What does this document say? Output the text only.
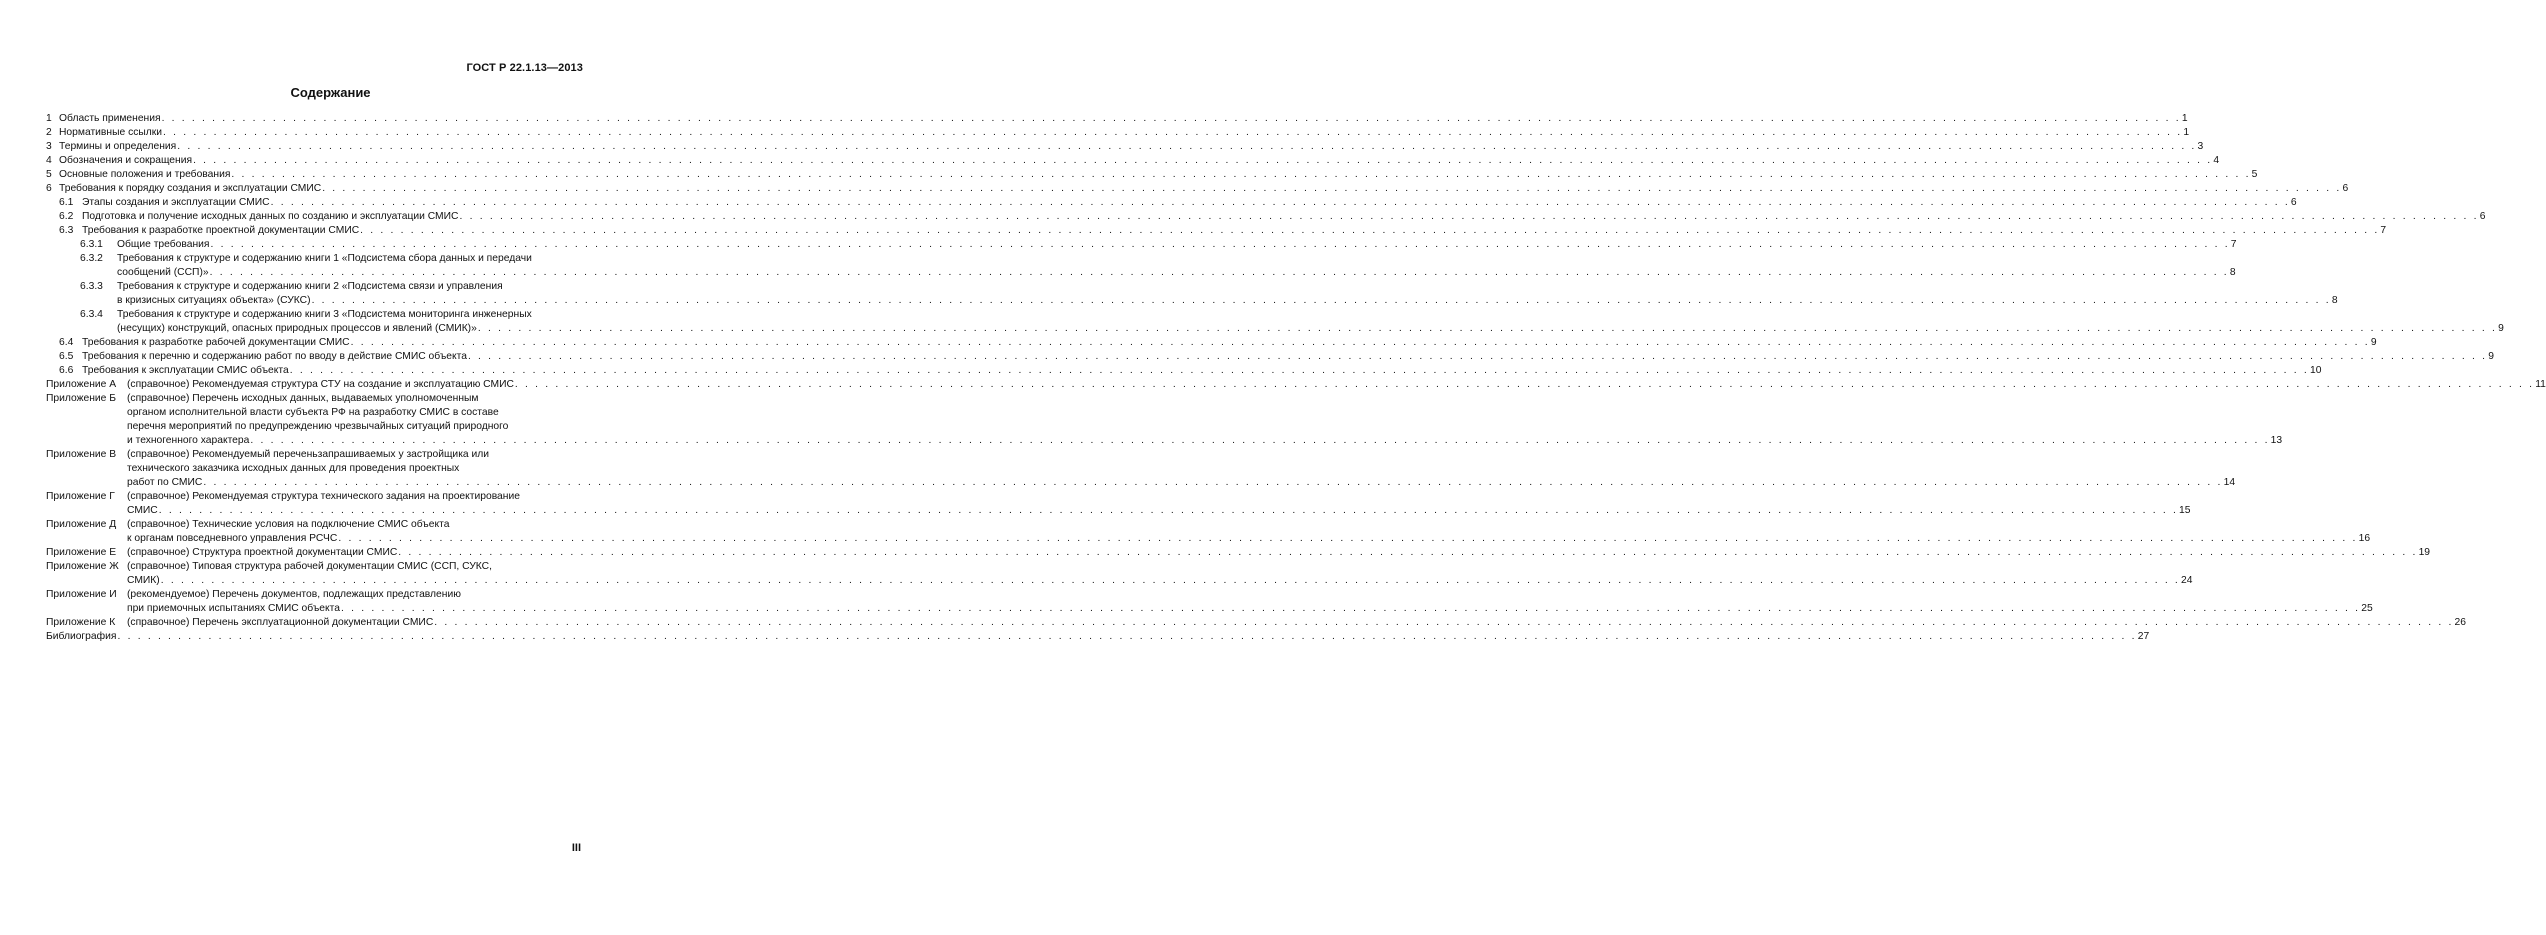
ГОСТ Р 22.1.13—2013
Содержание
1 Область применения . . . . . . . . . . . . . . . . . . . . . . . . . . . . . . . . . . . . . . . . . . . . . . . . . . . . . . . . . . . . . . . . . . . . . . . . . . . . . . . . . . . . . . . . . . . . . . . . . . . . . . . . . . . . . . . . . . . . . . . . . . . . . . . . . . . . . . . . . . . . . . . . . . . . . . . . . . . . . . . . . . . . . . . . . . . . . . . . . . . . . . . . . . . . . . . . . . . . . . . . 1
2 Нормативные ссылки . . . . . . . . . . . . . . . . . . . . . . . . . . . . . . . . . . . . . . . . . . . . . . . . . . . . . . . . . . . . . . . . . . . . . . . . . . . . . . . . . . . . . . . . . . . . . . . . . . . . . . . . . . . . . . . . . . . . . . . . . . . . . . . . . . . . . . . . . . . . . . . . . . . . . . . . . . . . . . . . . . . . . . . . . . . . . . . . . . . . . . . . . . . . . . . . . . . . . . . . 1
3 Термины и определения . . . . . . . . . . . . . . . . . . . . . . . . . . . . . . . . . . . . . . . . . . . . . . . . . . . . . . . . . . . . . . . . . . . . . . . . . . . . . . . . . . . . . . . . . . . . . . . . . . . . . . . . . . . . . . . . . . . . . . . . . . . . . . . . . . . . . . . . . . . . . . . . . . . . . . . . . . . . . . . . . . . . . . . . . . . . . . . . . . . . . . . . . . . . . . . . . . . . . . . . 3
4 Обозначения и сокращения . . . . . . . . . . . . . . . . . . . . . . . . . . . . . . . . . . . . . . . . . . . . . . . . . . . . . . . . . . . . . . . . . . . . . . . . . . . . . . . . . . . . . . . . . . . . . . . . . . . . . . . . . . . . . . . . . . . . . . . . . . . . . . . . . . . . . . . . . . . . . . . . . . . . . . . . . . . . . . . . . . . . . . . . . . . . . . . . . . . . . . . . . . . . . . . . . . . . . . . . 4
5 Основные положения и требования . . . . . . . . . . . . . . . . . . . . . . . . . . . . . . . . . . . . . . . . . . . . . . . . . . . . . . . . . . . . . . . . . . . . . . . . . . . . . . . . . . . . . . . . . . . . . . . . . . . . . . . . . . . . . . . . . . . . . . . . . . . . . . . . . . . . . . . . . . . . . . . . . . . . . . . . . . . . . . . . . . . . . . . . . . . . . . . . . . . . . . . . . . . . . . . . . . . . . . . . 5
6 Требования к порядку создания и эксплуатации СМИС . . . . . . . . . . . . . . . . . . . . . . . . . . . . . . . . . . . . . . . . . . . . . . . . . . . . . . . . . . . . . . . . . . . . . . . . . . . . . . . . . . . . . . . . . . . . . . . . . . . . . . . . . . . . . . . . . . . . . . . . . . . . . . . . . . . . . . . . . . . . . . . . . . . . . . . . . . . . . . . . . . . . . . . . . . . . . . . . . . . . . . . . . . . . . . . . . . . . . . . . 6
6.1 Этапы создания и эксплуатации СМИС . . . . . . . . . . . . . . . . . . . . . . . . . . . . . . . . . . . . . . . . . . . . . . . . . . . . . . . . . . . . . . . . . . . . . . . . . . . . . . . . . . . . . . . . . . . . . . . . . . . . . . . . . . . . . . . . . . . . . . . . . . . . . . . . . . . . . . . . . . . . . . . . . . . . . . . . . . . . . . . . . . . . . . . . . . . . . . . . . . . . . . . . . . . . . . . . . . . . . . . . 6
6.2 Подготовка и получение исходных данных по созданию и эксплуатации СМИС . . . . . . . . . . . . . . . . . . . . . . . . . . . . . . . . . . . . . . . . . . . . . . . . . . . . . . . . . . . . . . . . . . . . . . . . . . . . . . . . . . . . . . . . . . . . . . . . . . . . . . . . . . . . . . . . . . . . . . . . . . . . . . . . . . . . . . . . . . . . . . . . . . . . . . . . . . . . . . . . . . . . . . . . . . . . . . . . . . . . . . . . . . . . . . . . . . . . . . . . 6
6.3 Требования к разработке проектной документации СМИС . . . . . . . . . . . . . . . . . . . . . . . . . . . . . . . . . . . . . . . . . . . . . . . . . . . . . . . . . . . . . . . . . . . . . . . . . . . . . . . . . . . . . . . . . . . . . . . . . . . . . . . . . . . . . . . . . . . . . . . . . . . . . . . . . . . . . . . . . . . . . . . . . . . . . . . . . . . . . . . . . . . . . . . . . . . . . . . . . . . . . . . . . . . . . . . . . . . . . . . . 7
6.3.1	Общие требования . . . . . . . . . . . . . . . . . . . . . . . . . . . . . . . . . . . . . . . . . . . . . . . . . . . . . . . . . . . . . . . . . . . . . . . . . . . . . . . . . . . . . . . . . . . . . . . . . . . . . . . . . . . . . . . . . . . . . . . . . . . . . . . . . . . . . . . . . . . . . . . . . . . . . . . . . . . . . . . . . . . . . . . . . . . . . . . . . . . . . . . . . . . . . . . . . . . . . . . . 7
6.3.2	Требования к структуре и содержанию книги 1 «Подсистема сбора данных и передачи
сообщений (ССП)» . . . . . . . . . . . . . . . . . . . . . . . . . . . . . . . . . . . . . . . . . . . . . . . . . . . . . . . . . . . . . . . . . . . . . . . . . . . . . . . . . . . . . . . . . . . . . . . . . . . . . . . . . . . . . . . . . . . . . . . . . . . . . . . . . . . . . . . . . . . . . . . . . . . . . . . . . . . . . . . . . . . . . . . . . . . . . . . . . . . . . . . . . . . . . . . . . . . . . . . . 8
6.3.3	Требования к структуре и содержанию книги 2 «Подсистема связи и управления
в кризисных ситуациях объекта» (СУКС) . . . . . . . . . . . . . . . . . . . . . . . . . . . . . . . . . . . . . . . . . . . . . . . . . . . . . . . . . . . . . . . . . . . . . . . . . . . . . . . . . . . . . . . . . . . . . . . . . . . . . . . . . . . . . . . . . . . . . . . . . . . . . . . . . . . . . . . . . . . . . . . . . . . . . . . . . . . . . . . . . . . . . . . . . . . . . . . . . . . . . . . . . . . . . . . . . . . . . . . . 8
6.3.4	Требования к структуре и содержанию книги 3 «Подсистема мониторинга инженерных
(несущих) конструкций, опасных природных процессов и явлений (СМИК)» . . . . . . . . . . . . . . . . . . . . . . . . . . . . . . . . . . . . . . . . . . . . . . . . . . . . . . . . . . . . . . . . . . . . . . . . . . . . . . . . . . . . . . . . . . . . . . . . . . . . . . . . . . . . . . . . . . . . . . . . . . . . . . . . . . . . . . . . . . . . . . . . . . . . . . . . . . . . . . . . . . . . . . . . . . . . . . . . . . . . . . . . . . . . . . . . . . . . . . . . 9
6.4 Требования к разработке рабочей документации СМИС . . . . . . . . . . . . . . . . . . . . . . . . . . . . . . . . . . . . . . . . . . . . . . . . . . . . . . . . . . . . . . . . . . . . . . . . . . . . . . . . . . . . . . . . . . . . . . . . . . . . . . . . . . . . . . . . . . . . . . . . . . . . . . . . . . . . . . . . . . . . . . . . . . . . . . . . . . . . . . . . . . . . . . . . . . . . . . . . . . . . . . . . . . . . . . . . . . . . . . . . 9
6.5 Требования к перечню и содержанию работ по вводу в действие СМИС объекта . . . . . . . . . . . . . . . . . . . . . . . . . . . . . . . . . . . . . . . . . . . . . . . . . . . . . . . . . . . . . . . . . . . . . . . . . . . . . . . . . . . . . . . . . . . . . . . . . . . . . . . . . . . . . . . . . . . . . . . . . . . . . . . . . . . . . . . . . . . . . . . . . . . . . . . . . . . . . . . . . . . . . . . . . . . . . . . . . . . . . . . . . . . . . . . . . . . . . . . . 9
6.6 Требования к эксплуатации СМИС объекта . . . . . . . . . . . . . . . . . . . . . . . . . . . . . . . . . . . . . . . . . . . . . . . . . . . . . . . . . . . . . . . . . . . . . . . . . . . . . . . . . . . . . . . . . . . . . . . . . . . . . . . . . . . . . . . . . . . . . . . . . . . . . . . . . . . . . . . . . . . . . . . . . . . . . . . . . . . . . . . . . . . . . . . . . . . . . . . . . . . . . . . . . . . . . . . . . . . . . . . . 10
Приложение А	(справочное) Рекомендуемая структура СТУ на создание и эксплуатацию СМИС . . . . . . . . . . . . . . . . . . . . . . . . . . . . . . . . . . . . . . . . . . . . . . . . . . . . . . . . . . . . . . . . . . . . . . . . . . . . . . . . . . . . . . . . . . . . . . . . . . . . . . . . . . . . . . . . . . . . . . . . . . . . . . . . . . . . . . . . . . . . . . . . . . . . . . . . . . . . . . . . . . . . . . . . . . . . . . . . . . . . . . . . . . . . . . . . . . . . . . . . 11
Приложение Б	(справочное) Перечень исходных данных, выдаваемых уполномоченным
органом исполнительной власти субъекта РФ на разработку СМИС в составе
перечня мероприятий по предупреждению чрезвычайных ситуаций природного
и техногенного характера . . . . . . . . . . . . . . . . . . . . . . . . . . . . . . . . . . . . . . . . . . . . . . . . . . . . . . . . . . . . . . . . . . . . . . . . . . . . . . . . . . . . . . . . . . . . . . . . . . . . . . . . . . . . . . . . . . . . . . . . . . . . . . . . . . . . . . . . . . . . . . . . . . . . . . . . . . . . . . . . . . . . . . . . . . . . . . . . . . . . . . . . . . . . . . . . . . . . . . . . 13
Приложение В	(справочное) Рекомендуемый переченьзапрашиваемых у застройщика или
технического заказчика исходных данных для проведения проектных
работ по СМИС . . . . . . . . . . . . . . . . . . . . . . . . . . . . . . . . . . . . . . . . . . . . . . . . . . . . . . . . . . . . . . . . . . . . . . . . . . . . . . . . . . . . . . . . . . . . . . . . . . . . . . . . . . . . . . . . . . . . . . . . . . . . . . . . . . . . . . . . . . . . . . . . . . . . . . . . . . . . . . . . . . . . . . . . . . . . . . . . . . . . . . . . . . . . . . . . . . . . . . . . 14
Приложение Г	(справочное) Рекомендуемая структура технического задания на проектирование
СМИС . . . . . . . . . . . . . . . . . . . . . . . . . . . . . . . . . . . . . . . . . . . . . . . . . . . . . . . . . . . . . . . . . . . . . . . . . . . . . . . . . . . . . . . . . . . . . . . . . . . . . . . . . . . . . . . . . . . . . . . . . . . . . . . . . . . . . . . . . . . . . . . . . . . . . . . . . . . . . . . . . . . . . . . . . . . . . . . . . . . . . . . . . . . . . . . . . . . . . . . . 15
Приложение Д	(справочное) Технические условия на подключение СМИС объекта
к органам повседневного управления РСЧС . . . . . . . . . . . . . . . . . . . . . . . . . . . . . . . . . . . . . . . . . . . . . . . . . . . . . . . . . . . . . . . . . . . . . . . . . . . . . . . . . . . . . . . . . . . . . . . . . . . . . . . . . . . . . . . . . . . . . . . . . . . . . . . . . . . . . . . . . . . . . . . . . . . . . . . . . . . . . . . . . . . . . . . . . . . . . . . . . . . . . . . . . . . . . . . . . . . . . . . . 16
Приложение Е	(справочное) Структура проектной документации СМИС . . . . . . . . . . . . . . . . . . . . . . . . . . . . . . . . . . . . . . . . . . . . . . . . . . . . . . . . . . . . . . . . . . . . . . . . . . . . . . . . . . . . . . . . . . . . . . . . . . . . . . . . . . . . . . . . . . . . . . . . . . . . . . . . . . . . . . . . . . . . . . . . . . . . . . . . . . . . . . . . . . . . . . . . . . . . . . . . . . . . . . . . . . . . . . . . . . . . . . . . 19
Приложение Ж (справочное) Типовая структура рабочей документации СМИС (ССП, СУКС,
СМИК) . . . . . . . . . . . . . . . . . . . . . . . . . . . . . . . . . . . . . . . . . . . . . . . . . . . . . . . . . . . . . . . . . . . . . . . . . . . . . . . . . . . . . . . . . . . . . . . . . . . . . . . . . . . . . . . . . . . . . . . . . . . . . . . . . . . . . . . . . . . . . . . . . . . . . . . . . . . . . . . . . . . . . . . . . . . . . . . . . . . . . . . . . . . . . . . . . . . . . . . . 24
Приложение И	(рекомендуемое) Перечень документов, подлежащих представлению
при приемочных испытаниях СМИС объекта . . . . . . . . . . . . . . . . . . . . . . . . . . . . . . . . . . . . . . . . . . . . . . . . . . . . . . . . . . . . . . . . . . . . . . . . . . . . . . . . . . . . . . . . . . . . . . . . . . . . . . . . . . . . . . . . . . . . . . . . . . . . . . . . . . . . . . . . . . . . . . . . . . . . . . . . . . . . . . . . . . . . . . . . . . . . . . . . . . . . . . . . . . . . . . . . . . . . . . . . 25
Приложение К	(справочное) Перечень эксплуатационной документации СМИС . . . . . . . . . . . . . . . . . . . . . . . . . . . . . . . . . . . . . . . . . . . . . . . . . . . . . . . . . . . . . . . . . . . . . . . . . . . . . . . . . . . . . . . . . . . . . . . . . . . . . . . . . . . . . . . . . . . . . . . . . . . . . . . . . . . . . . . . . . . . . . . . . . . . . . . . . . . . . . . . . . . . . . . . . . . . . . . . . . . . . . . . . . . . . . . . . . . . . . . . 26
Библиография . . . . . . . . . . . . . . . . . . . . . . . . . . . . . . . . . . . . . . . . . . . . . . . . . . . . . . . . . . . . . . . . . . . . . . . . . . . . . . . . . . . . . . . . . . . . . . . . . . . . . . . . . . . . . . . . . . . . . . . . . . . . . . . . . . . . . . . . . . . . . . . . . . . . . . . . . . . . . . . . . . . . . . . . . . . . . . . . . . . . . . . . . . . . . . . . . . . . . . . . 27
III
